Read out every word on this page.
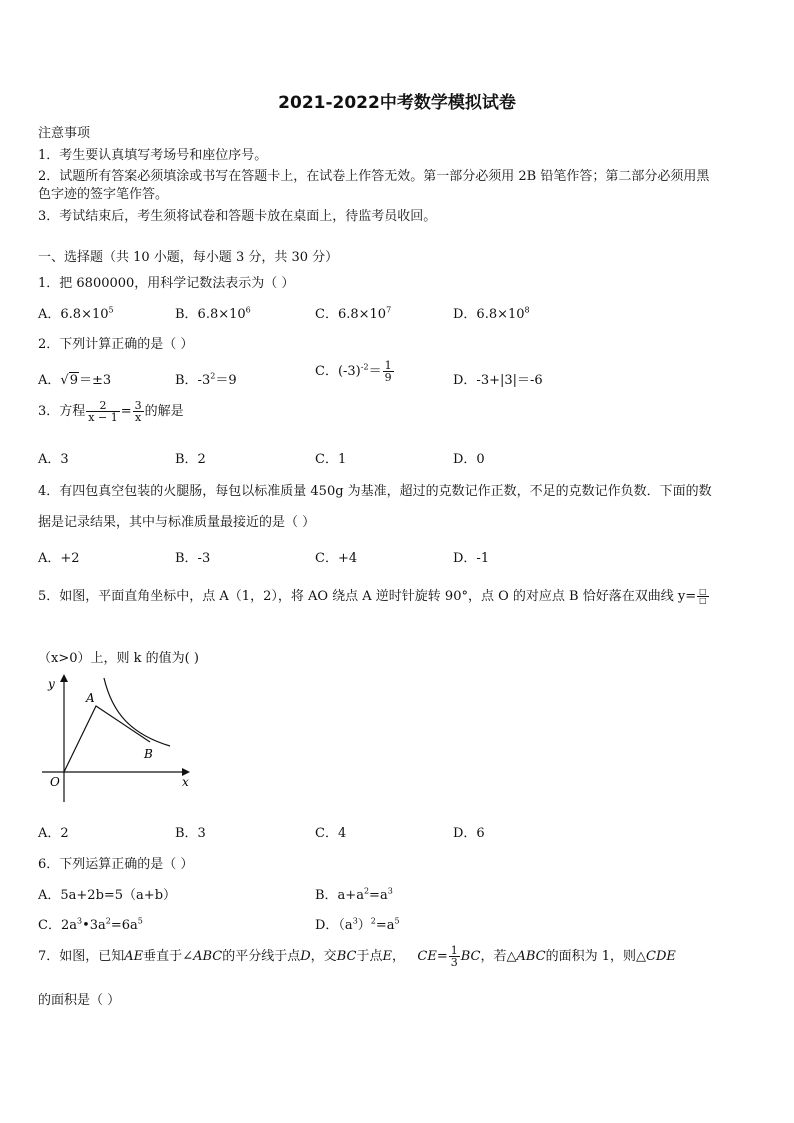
2021-2022中考数学模拟试卷
注意事项
1．考生要认真填写考场号和座位序号。
2．试题所有答案必须填涂或书写在答题卡上，在试卷上作答无效。第一部分必须用 2B 铅笔作答；第二部分必须用黑
色字迹的签字笔作答。
3．考试结束后，考生须将试卷和答题卡放在桌面上，待监考员收回。
一、选择题（共 10 小题，每小题 3 分，共 30 分）
1．把 6800000，用科学记数法表示为（ ）
A．$6.8\times 10^5$	B．$6.8\times 10^6$	C．$6.8\times 10^7$	D．$6.8\times 10^8$
2．下列计算正确的是（ ）
A．√9＝±3	B．$-3^2=9$
C．$(-3)^{-2}= \frac{1}{9}$	D．-3+|3|＝-6
3．方程 $\frac{2}{x - 1} = \frac{3}{x}$ 的解是
A．3	B．2	C．1	D．0
4．有四包真空包装的火腿肠，每包以标准质量 450g 为基准，超过的克数记作正数，不足的克数记作负数．下面的数
据是记录结果，其中与标准质量最接近的是（ ）
A．+2	B．-3	C．+4	D．-1
5．如图，平面直角坐标中，点 A（1，2），将 AO 绕点 A 逆时针旋转 90°，点 O 的对应点 B 恰好落在双曲线 $y= \frac{□}{□}$
（x>0）上，则 k 的值为( )
y
x
O
A
B
A．2	B．3	C．4	D．6
6．下列运算正确的是（ ）
A．5a+2b=5（a+b）	B．$a+a^2=a^3$
C．$2a^3•3a^2=6a^5$	D．$(a^3)^2=a^5$
7．如图，已知AE垂直于∠ABC的平分线于点D，交BC于点E， $CE= \frac{1}{3}$ BC，若△ABC的面积为 1，则△CDE
的面积是（ ）
